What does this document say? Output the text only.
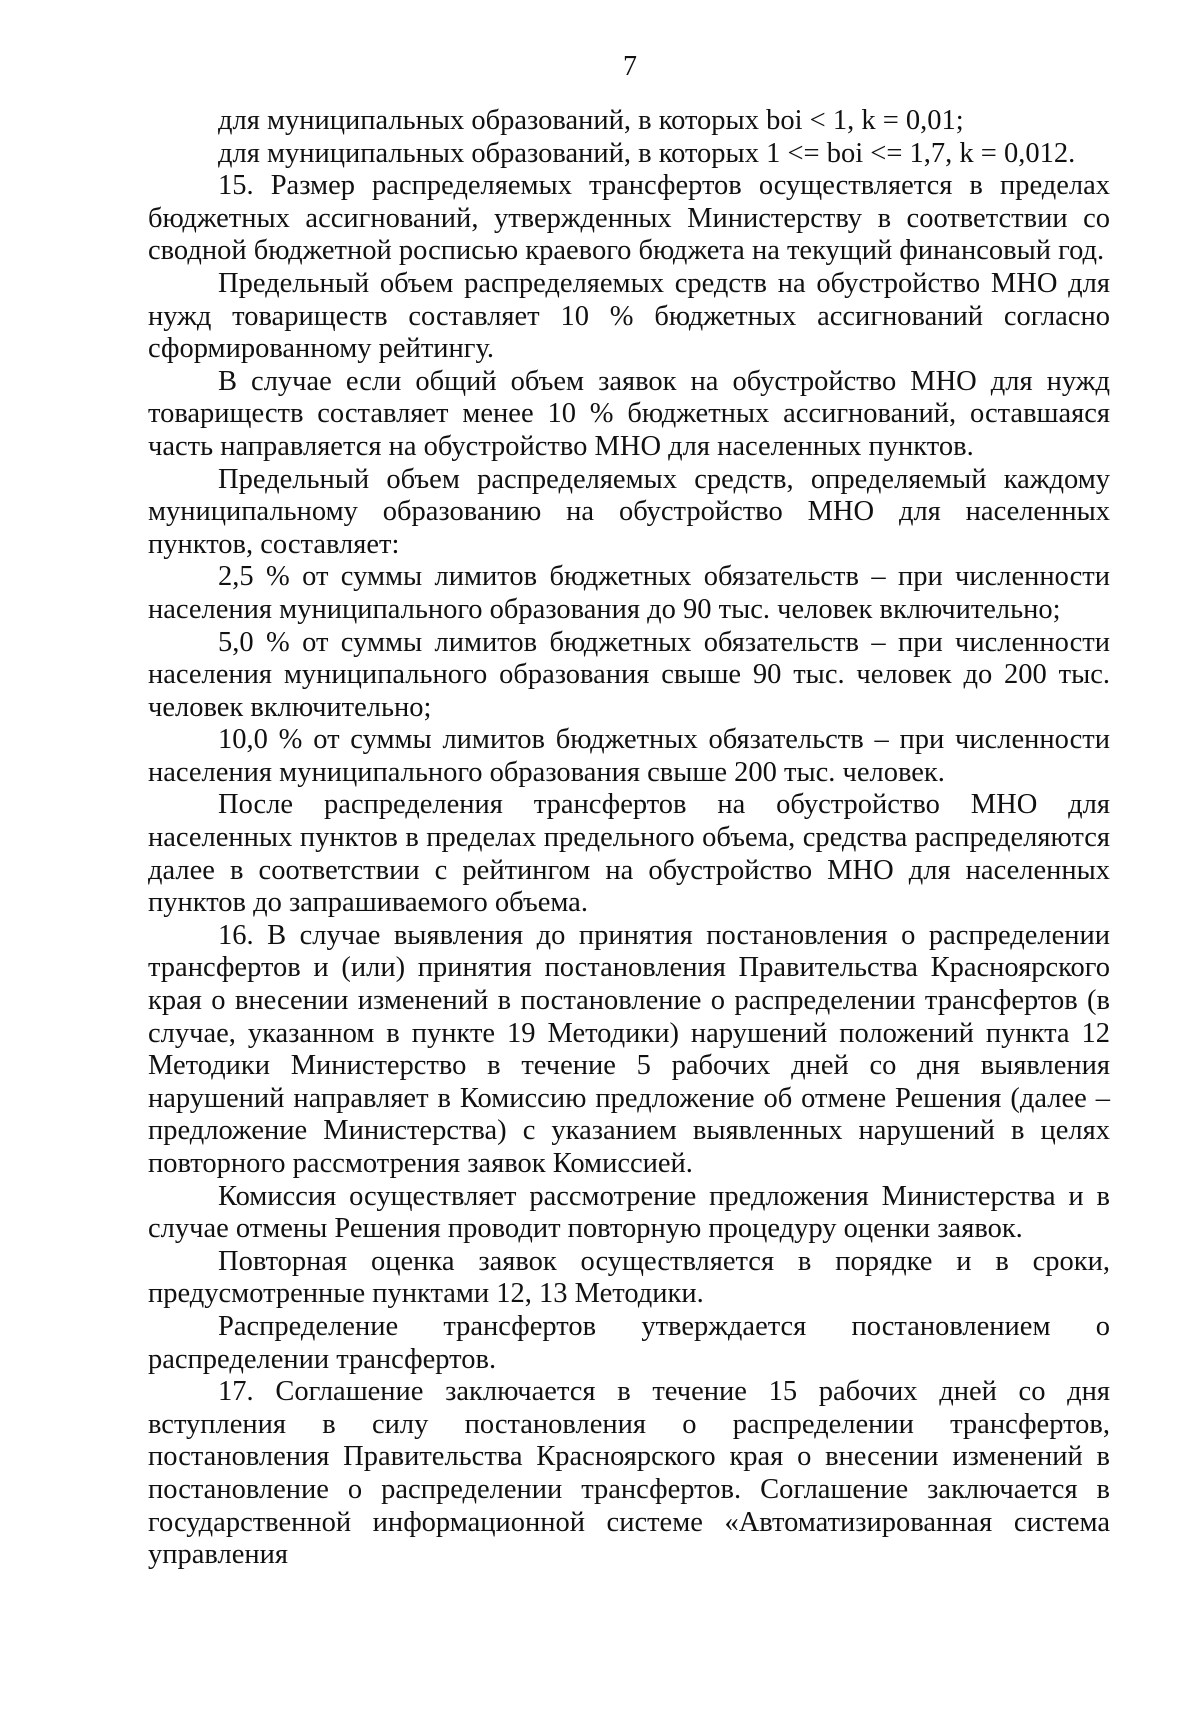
7

для муниципальных образований, в которых boi < 1, k = 0,01;

для муниципальных образований, в которых 1 <= boi <= 1,7, k = 0,012.

15. Размер распределяемых трансфертов осуществляется в пределах бюджетных ассигнований, утвержденных Министерству в соответствии со сводной бюджетной росписью краевого бюджета на текущий финансовый год.

Предельный объем распределяемых средств на обустройство МНО для нужд товариществ составляет 10 % бюджетных ассигнований согласно сформированному рейтингу.

В случае если общий объем заявок на обустройство МНО для нужд товариществ составляет менее 10 % бюджетных ассигнований, оставшаяся часть направляется на обустройство МНО для населенных пунктов.

Предельный объем распределяемых средств, определяемый каждому муниципальному образованию на обустройство МНО для населенных пунктов, составляет:

2,5 % от суммы лимитов бюджетных обязательств – при численности населения муниципального образования до 90 тыс. человек включительно;

5,0 % от суммы лимитов бюджетных обязательств – при численности населения муниципального образования свыше 90 тыс. человек до 200 тыс. человек включительно;

10,0 % от суммы лимитов бюджетных обязательств – при численности населения муниципального образования свыше 200 тыс. человек.

После распределения трансфертов на обустройство МНО для населенных пунктов в пределах предельного объема, средства распределяются далее в соответствии с рейтингом на обустройство МНО для населенных пунктов до запрашиваемого объема.

16. В случае выявления до принятия постановления о распределении трансфертов и (или) принятия постановления Правительства Красноярского края о внесении изменений в постановление о распределении трансфертов (в случае, указанном в пункте 19 Методики) нарушений положений пункта 12 Методики Министерство в течение 5 рабочих дней со дня выявления нарушений направляет в Комиссию предложение об отмене Решения (далее – предложение Министерства) с указанием выявленных нарушений в целях повторного рассмотрения заявок Комиссией.

Комиссия осуществляет рассмотрение предложения Министерства и в случае отмены Решения проводит повторную процедуру оценки заявок.

Повторная оценка заявок осуществляется в порядке и в сроки, предусмотренные пунктами 12, 13 Методики.

Распределение трансфертов утверждается постановлением о распределении трансфертов.

17. Соглашение заключается в течение 15 рабочих дней со дня вступления в силу постановления о распределении трансфертов, постановления Правительства Красноярского края о внесении изменений в постановление о распределении трансфертов. Соглашение заключается в государственной информационной системе «Автоматизированная система управления
